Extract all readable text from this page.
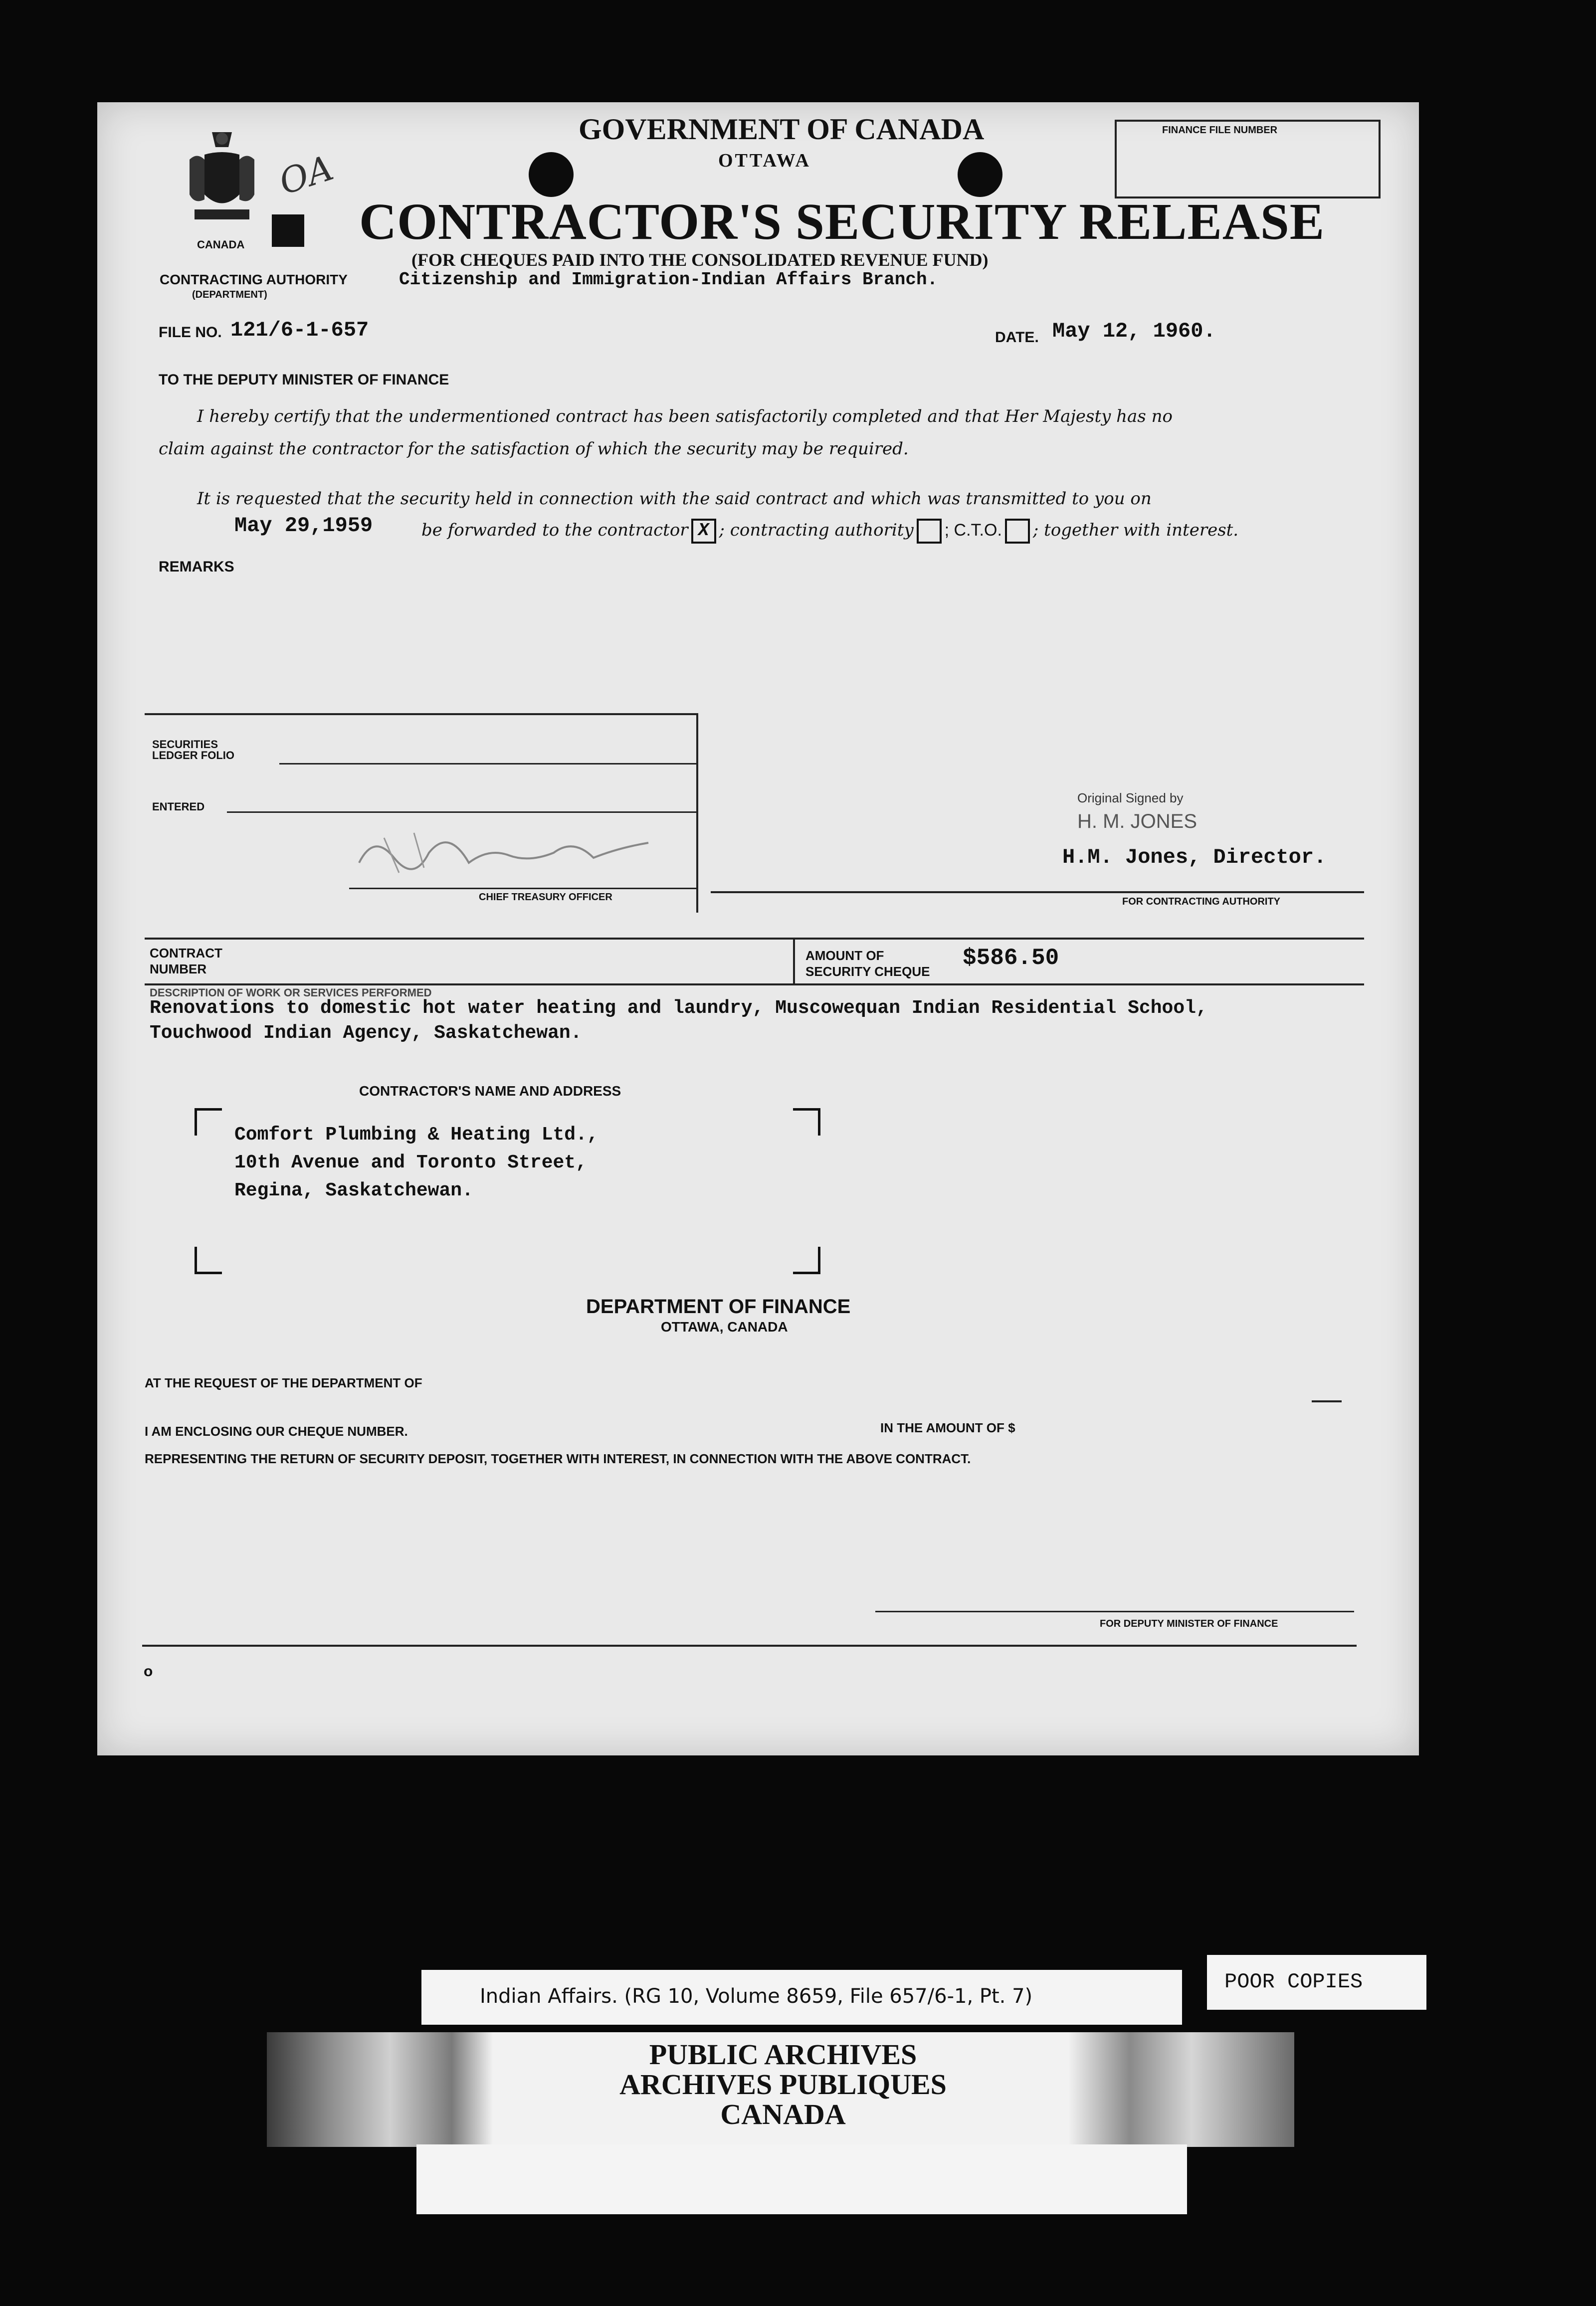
CANADA
OA
GOVERNMENT OF CANADA
OTTAWA
FINANCE FILE NUMBER
CONTRACTOR'S SECURITY RELEASE
(FOR CHEQUES PAID INTO THE CONSOLIDATED REVENUE FUND)
CONTRACTING AUTHORITY
(DEPARTMENT)
Citizenship and Immigration-Indian Affairs Branch.
FILE NO. 121/6-1-657	DATE. May 12, 1960.
TO THE DEPUTY MINISTER OF FINANCE
I hereby certify that the undermentioned contract has been satisfactorily completed and that Her Majesty has no
claim against the contractor for the satisfaction of which the security may be required.
It is requested that the security held in connection with the said contract and which was transmitted to you on
May 29,1959	be forwarded to the contractor X ; contracting authority ; C.T.O. ; together with interest.
REMARKS
SECURITIES
LEDGER FOLIO
ENTERED
CHIEF TREASURY OFFICER
Original Signed by
H. M. JONES
H.M. Jones, Director.
FOR CONTRACTING AUTHORITY
CONTRACT
NUMBER
AMOUNT OF
SECURITY CHEQUE
$586.50
DESCRIPTION OF WORK OR SERVICES PERFORMED
Renovations to domestic hot water heating and laundry, Muscowequan Indian Residential School,
Touchwood Indian Agency, Saskatchewan.
CONTRACTOR'S NAME AND ADDRESS
Comfort Plumbing & Heating Ltd.,
10th Avenue and Toronto Street,
Regina, Saskatchewan.
DEPARTMENT OF FINANCE
OTTAWA, CANADA
AT THE REQUEST OF THE DEPARTMENT OF
I AM ENCLOSING OUR CHEQUE NUMBER.	IN THE AMOUNT OF $
REPRESENTING THE RETURN OF SECURITY DEPOSIT, TOGETHER WITH INTEREST, IN CONNECTION WITH THE ABOVE CONTRACT.
FOR DEPUTY MINISTER OF FINANCE
o
Indian Affairs. (RG 10, Volume 8659, File 657/6-1, Pt. 7)
POOR COPIES
PUBLIC ARCHIVES
ARCHIVES PUBLIQUES
CANADA
